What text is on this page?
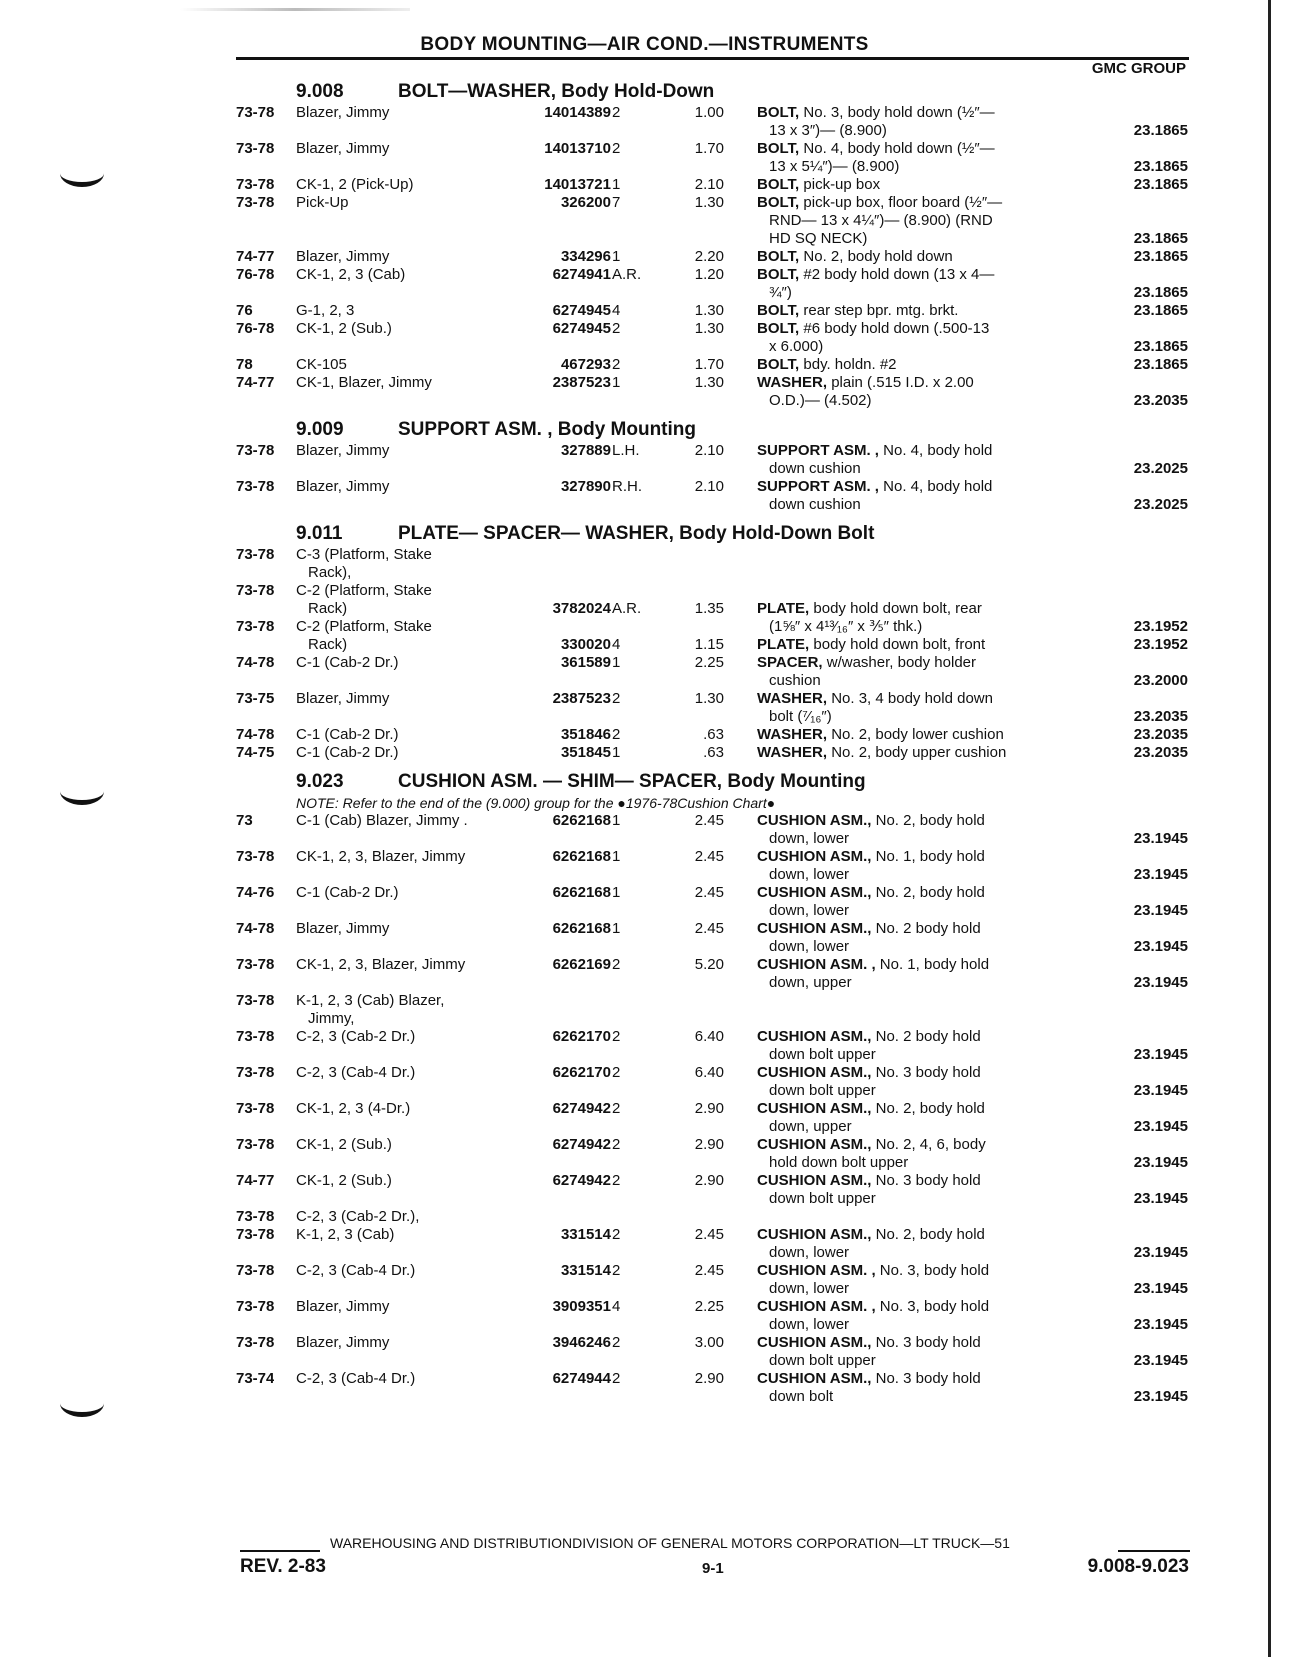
BODY MOUNTING—AIR COND.—INSTRUMENTS
GMC GROUP
9.008	BOLT—WASHER, Body Hold-Down
73-78 Blazer, Jimmy	14014389 2	1.00 BOLT, No. 3, body hold down (½″—
13 x 3″)— (8.900)	23.1865
73-78 Blazer, Jimmy	14013710 2	1.70 BOLT, No. 4, body hold down (½″—
13 x 5¼″)— (8.900)	23.1865
73-78 CK-1, 2 (Pick-Up)	14013721 1	2.10 BOLT, pick-up box	23.1865
73-78 Pick-Up	326200 7	1.30 BOLT, pick-up box, floor board (½″—
RND— 13 x 4¼″)— (8.900) (RND
HD SQ NECK)	23.1865
74-77 Blazer, Jimmy	334296 1	2.20 BOLT, No. 2, body hold down	23.1865
76-78 CK-1, 2, 3 (Cab)	6274941 A.R.	1.20 BOLT, #2 body hold down (13 x 4—
¾″)	23.1865
76	G-1, 2, 3	6274945 4	1.30 BOLT, rear step bpr. mtg. brkt.	23.1865
76-78 CK-1, 2 (Sub.)	6274945 2	1.30 BOLT, #6 body hold down (.500-13
x 6.000)	23.1865
78	CK-105	467293 2	1.70 BOLT, bdy. holdn. #2	23.1865
74-77 CK-1, Blazer, Jimmy	2387523 1	1.30 WASHER, plain (.515 I.D. x 2.00
O.D.)— (4.502)	23.2035
9.009	SUPPORT ASM. , Body Mounting
73-78 Blazer, Jimmy	327889 L.H.	2.10 SUPPORT ASM. , No. 4, body hold
down cushion	23.2025
73-78 Blazer, Jimmy	327890 R.H.	2.10 SUPPORT ASM. , No. 4, body hold
down cushion	23.2025
9.011	PLATE— SPACER— WASHER, Body Hold-Down Bolt
73-78 C-3 (Platform, Stake
Rack),
73-78 C-2 (Platform, Stake
Rack)	3782024 A.R.	1.35 PLATE, body hold down bolt, rear
(1⅝″ x 4¹³⁄₁₆″ x ⅗″ thk.)	23.1952
73-78 C-2 (Platform, Stake
Rack)	330020 4	1.15 PLATE, body hold down bolt, front	23.1952
74-78 C-1 (Cab-2 Dr.)	361589 1	2.25 SPACER, w/washer, body holder
cushion	23.2000
73-75 Blazer, Jimmy	2387523 2	1.30 WASHER, No. 3, 4 body hold down
bolt (⁷⁄₁₆″)	23.2035
74-78 C-1 (Cab-2 Dr.)	351846 2	.63 WASHER, No. 2, body lower cushion	23.2035
74-75 C-1 (Cab-2 Dr.)	351845 1	.63 WASHER, No. 2, body upper cushion	23.2035
9.023	CUSHION ASM. — SHIM— SPACER, Body Mounting
NOTE: Refer to the end of the (9.000) group for the ●1976-78Cushion Chart●
73	C-1 (Cab) Blazer, Jimmy .	6262168 1	2.45 CUSHION ASM., No. 2, body hold
down, lower	23.1945
73-78 CK-1, 2, 3, Blazer, Jimmy	6262168 1	2.45 CUSHION ASM., No. 1, body hold
down, lower	23.1945
74-76 C-1 (Cab-2 Dr.)	6262168 1	2.45 CUSHION ASM., No. 2, body hold
down, lower	23.1945
74-78 Blazer, Jimmy	6262168 1	2.45 CUSHION ASM., No. 2 body hold
down, lower	23.1945
73-78 CK-1, 2, 3, Blazer, Jimmy	6262169 2	5.20 CUSHION ASM. , No. 1, body hold
down, upper	23.1945
73-78 K-1, 2, 3 (Cab) Blazer,
Jimmy,
73-78 C-2, 3 (Cab-2 Dr.)	6262170 2	6.40 CUSHION ASM., No. 2 body hold
down bolt upper	23.1945
73-78 C-2, 3 (Cab-4 Dr.)	6262170 2	6.40 CUSHION ASM., No. 3 body hold
down bolt upper	23.1945
73-78 CK-1, 2, 3 (4-Dr.)	6274942 2	2.90 CUSHION ASM., No. 2, body hold
down, upper	23.1945
73-78 CK-1, 2 (Sub.)	6274942 2	2.90 CUSHION ASM., No. 2, 4, 6, body
hold down bolt upper	23.1945
74-77 CK-1, 2 (Sub.)	6274942 2	2.90 CUSHION ASM., No. 3 body hold
down bolt upper	23.1945
73-78 C-2, 3 (Cab-2 Dr.),
73-78 K-1, 2, 3 (Cab)	331514 2	2.45 CUSHION ASM., No. 2, body hold
down, lower	23.1945
73-78 C-2, 3 (Cab-4 Dr.)	331514 2	2.45 CUSHION ASM. , No. 3, body hold
down, lower	23.1945
73-78 Blazer, Jimmy	3909351 4	2.25 CUSHION ASM. , No. 3, body hold
down, lower	23.1945
73-78 Blazer, Jimmy	3946246 2	3.00 CUSHION ASM., No. 3 body hold
down bolt upper	23.1945
73-74 C-2, 3 (Cab-4 Dr.)	6274944 2	2.90 CUSHION ASM., No. 3 body hold
down bolt	23.1945
WAREHOUSING AND DISTRIBUTIONDIVISION OF GENERAL MOTORS CORPORATION—LT TRUCK—51
REV. 2-83	9-1	9.008-9.023
